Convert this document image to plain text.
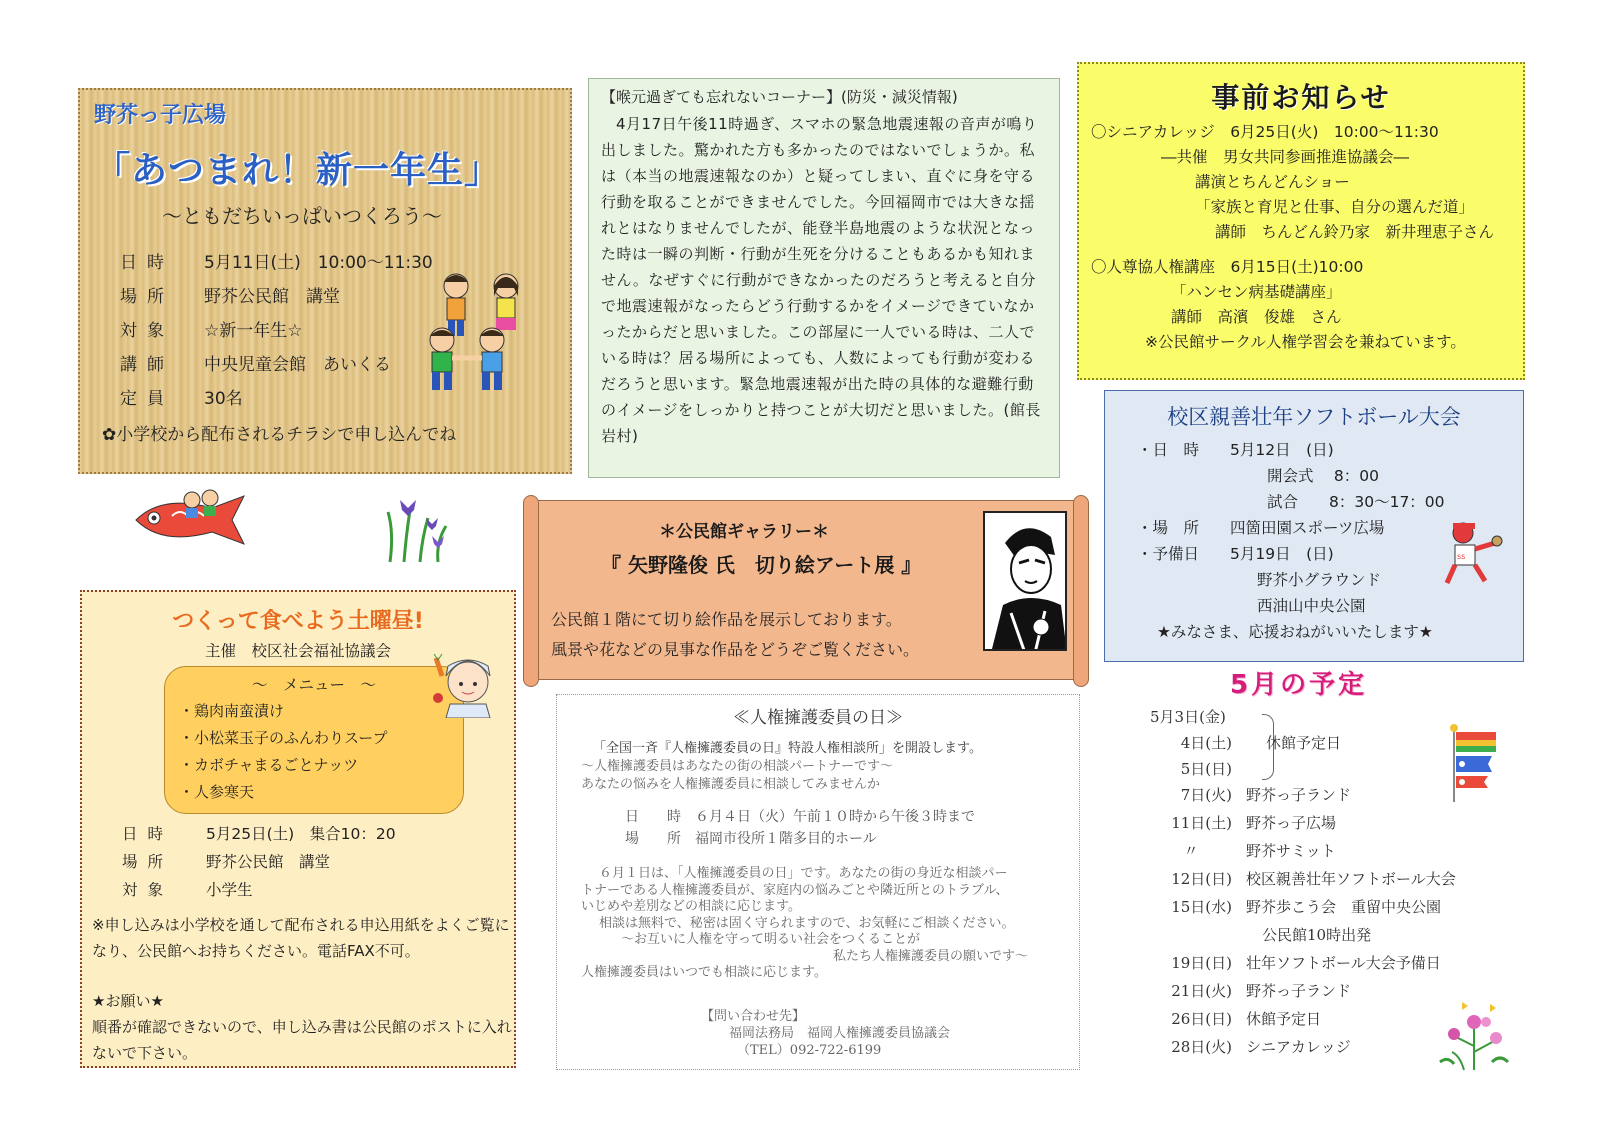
野芥っ子広場
「あつまれ！新一年生」
～ともだちいっぱいつくろう～
日時 5月11日(土)　10:00～11:30
場所 野芥公民館　講堂
対象 ☆新一年生☆
講師 中央児童会館　あいくる
定員 30名
✿小学校から配布されるチラシで申し込んでね
【喉元過ぎても忘れないコーナー】(防災・減災情報)
4月17日午後11時過ぎ、スマホの緊急地震速報の音声が鳴り出しました。驚かれた方も多かったのではないでしょうか。私は（本当の地震速報なのか）と疑ってしまい、直ぐに身を守る行動を取ることができませんでした。今回福岡市では大きな揺れとはなりませんでしたが、能登半島地震のような状況となった時は一瞬の判断・行動が生死を分けることもあるかも知れません。なぜすぐに行動ができなかったのだろうと考えると自分で地震速報がなったらどう行動するかをイメージできていなかったからだと思いました。この部屋に一人でいる時は、二人でいる時は？居る場所によっても、人数によっても行動が変わるだろうと思います。緊急地震速報が出た時の具体的な避難行動のイメージをしっかりと持つことが大切だと思いました。(館長 岩村)
事前お知らせ
〇シニアカレッジ　6月25日(火)　10:00～11:30
―共催　男女共同参画推進協議会―
講演とちんどんショー
「家族と育児と仕事、自分の選んだ道」
講師　ちんどん鈴乃家　新井理恵子さん
〇人尊協人権講座　6月15日(土)10:00
「ハンセン病基礎講座」
講師　高濱　俊雄　さん
※公民館サークル人権学習会を兼ねています。
校区親善壮年ソフトボール大会
・日　時　　5月12日　(日)
開会式　 8：00
試合　　8：30～17：00
・場　所　　四箇田園スポーツ広場
・予備日　　5月19日　(日)
野芥小グラウンド
西油山中央公園
★みなさま、応援おねがいいたします★
ss
＊公民館ギャラリー＊
『 矢野隆俊 氏　切り絵アート展 』
公民館１階にて切り絵作品を展示しております。
風景や花などの見事な作品をどうぞご覧ください。
≪人権擁護委員の日≫
「全国一斉『人権擁護委員の日』特設人権相談所」を開設します。
～人権擁護委員はあなたの街の相談パートナーです～
あなたの悩みを人権擁護委員に相談してみませんか
日　　時　６月４日（火）午前１０時から午後３時まで
場　　所　福岡市役所１階多目的ホール
６月１日は、「人権擁護委員の日」です。あなたの街の身近な相談パー
トナーである人権擁護委員が、家庭内の悩みごとや隣近所とのトラブル、
いじめや差別などの相談に応じます。
相談は無料で、秘密は固く守られますので、お気軽にご相談ください。
～お互いに人権を守って明るい社会をつくることが
私たち人権擁護委員の願いです～
人権擁護委員はいつでも相談に応じます。
【問い合わせ先】
福岡法務局　福岡人権擁護委員協議会
（TEL）092-722-6199
つくって食べよう土曜昼!
主催　校区社会福祉協議会
～　メニュー　～
・鶏肉南蛮漬け
・小松菜玉子のふんわりスープ
・カボチャまるごとナッツ
・人参寒天
日時 5月25日(土)　集合10：20
場所 野芥公民館　講堂
対象 小学生
※申し込みは小学校を通して配布される申込用紙をよくご覧になり、公民館へお持ちください。電話FAX不可。
★お願い★
順番が確認できないので、申し込み書は公民館のポストに入れないで下さい。
5月の予定
5月3日(金)
4日(土) 休館予定日
5日(日)
7日(火) 野芥っ子ランド
11日(土) 野芥っ子広場
〃	野芥サミット
12日(日) 校区親善壮年ソフトボール大会
15日(水) 野芥歩こう会　重留中央公園
公民館10時出発
19日(日) 壮年ソフトボール大会予備日
21日(火) 野芥っ子ランド
26日(日) 休館予定日
28日(火) シニアカレッジ
